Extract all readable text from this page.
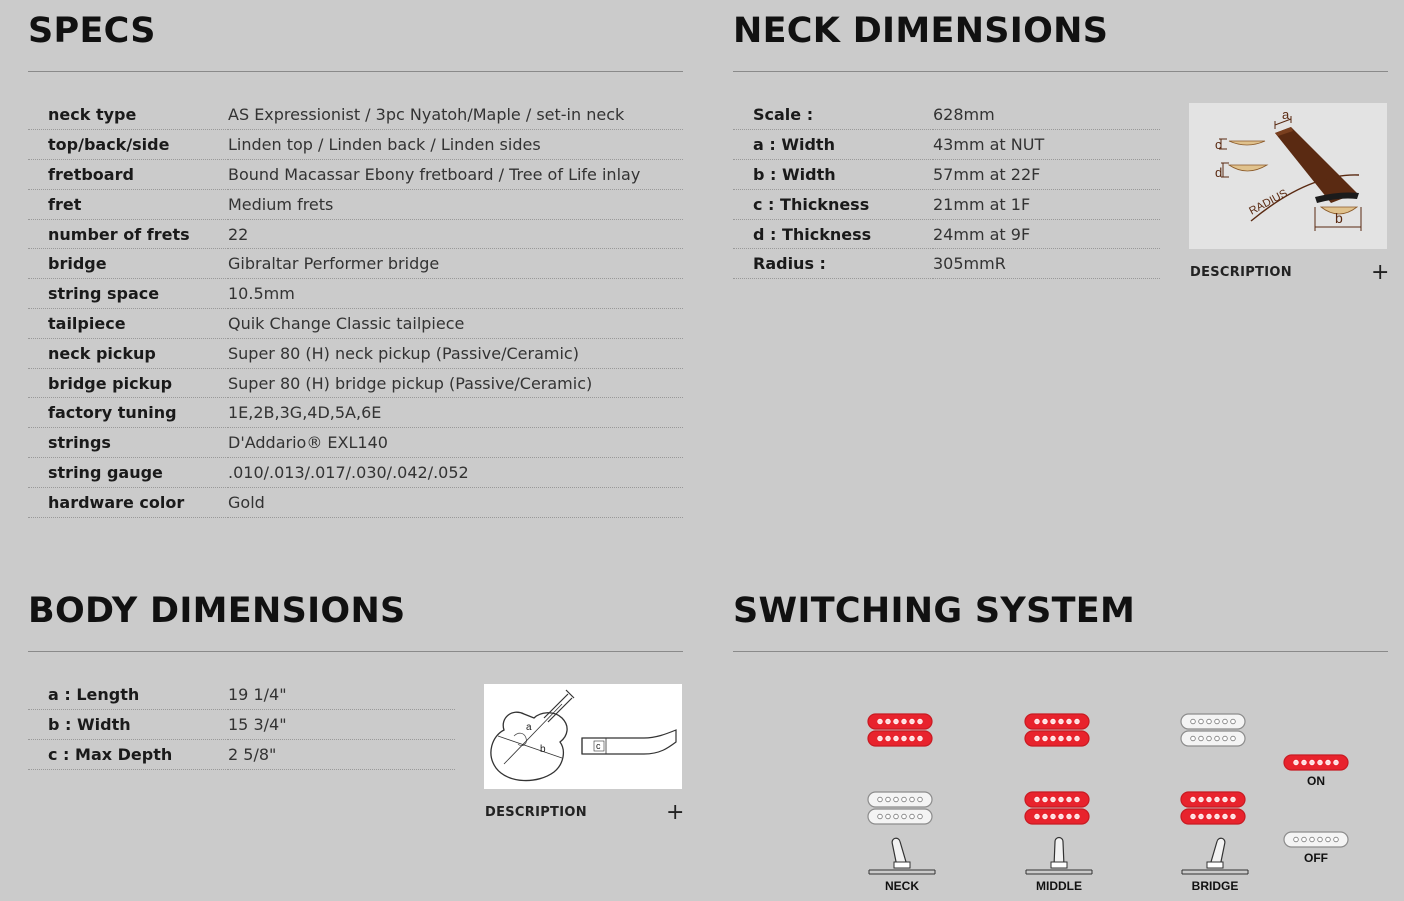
SPECS
neck type	AS Expressionist / 3pc Nyatoh/Maple / set-in neck
top/back/side	Linden top / Linden back / Linden sides
fretboard	Bound Macassar Ebony fretboard / Tree of Life inlay
fret	Medium frets
number of frets	22
bridge	Gibraltar Performer bridge
string space	10.5mm
tailpiece	Quik Change Classic tailpiece
neck pickup	Super 80 (H) neck pickup (Passive/Ceramic)
bridge pickup	Super 80 (H) bridge pickup (Passive/Ceramic)
factory tuning	1E,2B,3G,4D,5A,6E
strings	D'Addario® EXL140
string gauge	.010/.013/.017/.030/.042/.052
hardware color	Gold
NECK DIMENSIONS
Scale :	628mm
a : Width	43mm at NUT
b : Width	57mm at 22F
c : Thickness	21mm at 1F
d : Thickness	24mm at 9F
Radius :	305mmR
RADIUS
c
d
a
b
DESCRIPTION	+
BODY DIMENSIONS
a : Length	19 1/4"
b : Width	15 3/4"
c : Max Depth	2 5/8"
a
b	c
DESCRIPTION	+
SWITCHING SYSTEM
NECK	MIDDLE	BRIDGE
ON
OFF
